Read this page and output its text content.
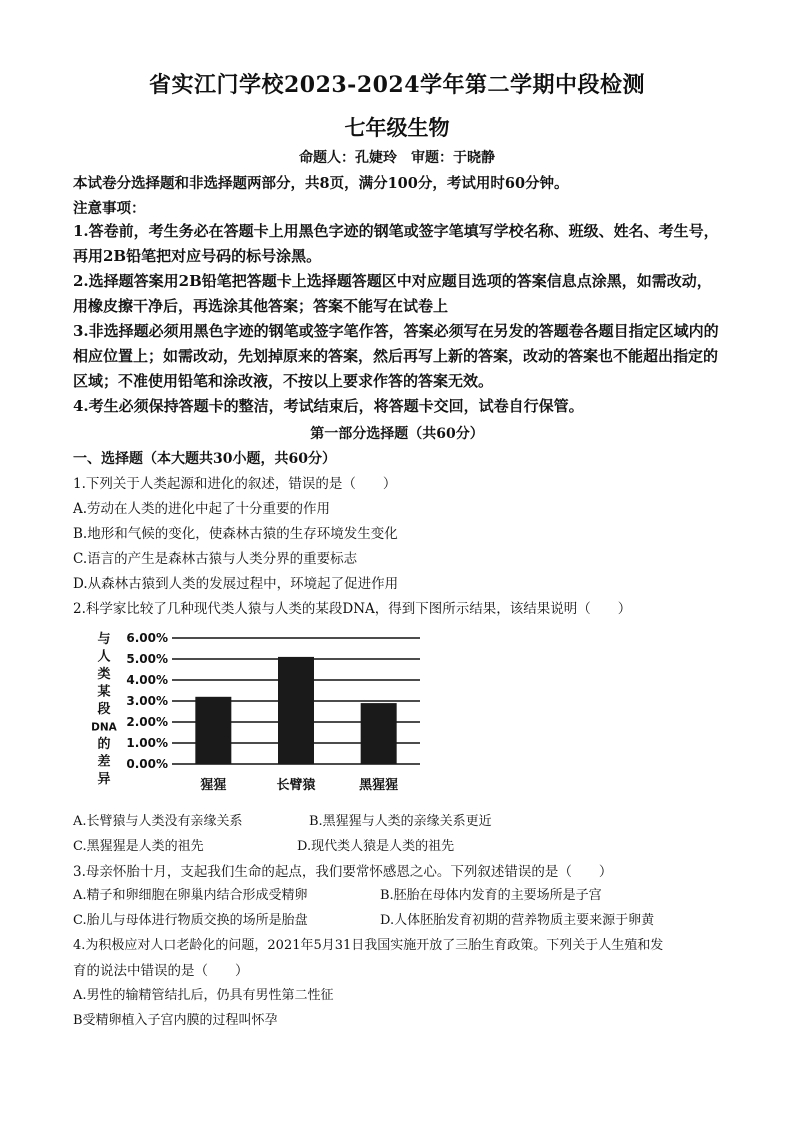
省实江门学校2023-2024学年第二学期中段检测
七年级生物
命题人：孔婕玲　审题：于晓静
本试卷分选择题和非选择题两部分，共8页，满分100分，考试用时60分钟。
注意事项：
1.答卷前，考生务必在答题卡上用黑色字迹的钢笔或签字笔填写学校名称、班级、姓名、考生号，再用2B铅笔把对应号码的标号涂黑。
2.选择题答案用2B铅笔把答题卡上选择题答题区中对应题目选项的答案信息点涂黑，如需改动，用橡皮擦干净后，再选涂其他答案；答案不能写在试卷上
3.非选择题必须用黑色字迹的钢笔或签字笔作答，答案必须写在另发的答题卷各题目指定区域内的相应位置上；如需改动，先划掉原来的答案，然后再写上新的答案，改动的答案也不能超出指定的区域；不准使用铅笔和涂改液，不按以上要求作答的答案无效。
4.考生必须保持答题卡的整洁，考试结束后，将答题卡交回，试卷自行保管。
第一部分选择题（共60分）
一、选择题（本大题共30小题，共60分）
1.下列关于人类起源和进化的叙述，错误的是（　　）
A.劳动在人类的进化中起了十分重要的作用
B.地形和气候的变化，使森林古猿的生存环境发生变化
C.语言的产生是森林古猿与人类分界的重要标志
D.从森林古猿到人类的发展过程中，环境起了促进作用
2.科学家比较了几种现代类人猿与人类的某段DNA，得到下图所示结果，该结果说明（　　）
与
人
类
某
段
DNA
的
差
异
0.00%
1.00%
2.00%
3.00%
4.00%
5.00%
6.00%
猩猩	长臂猿	黑猩猩
A.长臂猿与人类没有亲缘关系	B.黑猩猩与人类的亲缘关系更近
C.黑猩猩是人类的祖先	D.现代类人猿是人类的祖先
3.母亲怀胎十月，支起我们生命的起点，我们要常怀感恩之心。下列叙述错误的是（　　）
A.精子和卵细胞在卵巢内结合形成受精卵	B.胚胎在母体内发育的主要场所是子宫
C.胎儿与母体进行物质交换的场所是胎盘	D.人体胚胎发育初期的营养物质主要来源于卵黄
4.为积极应对人口老龄化的问题，2021年5月31日我国实施开放了三胎生育政策。下列关于人生殖和发
育的说法中错误的是（　　）
A.男性的输精管结扎后，仍具有男性第二性征
B受精卵植入子宫内膜的过程叫怀孕
